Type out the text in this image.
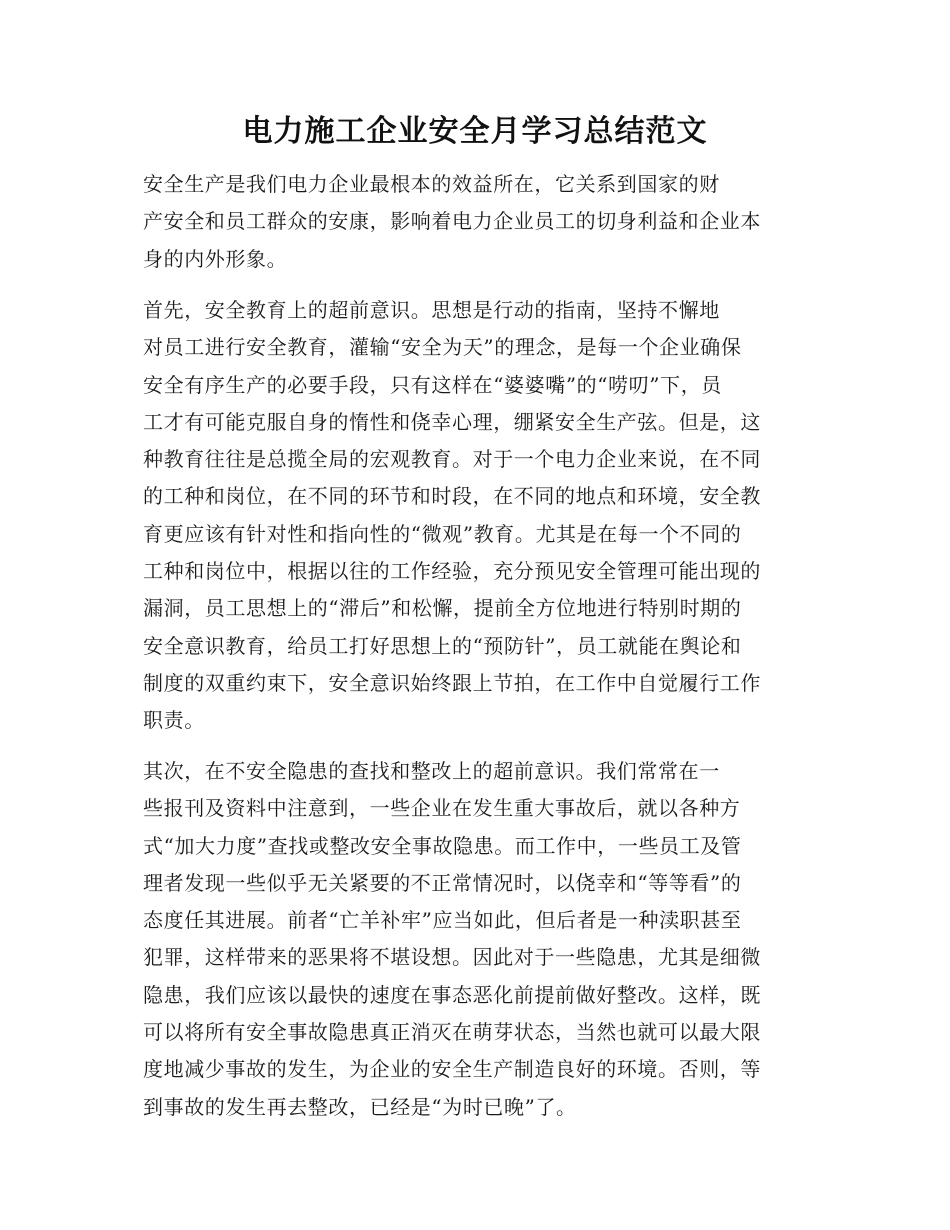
电力施工企业安全月学习总结范文

安全生产是我们电力企业最根本的效益所在，它关系到国家的财
产安全和员工群众的安康，影响着电力企业员工的切身利益和企业本
身的内外形象。

首先，安全教育上的超前意识。思想是行动的指南，坚持不懈地
对员工进行安全教育，灌输“安全为天”的理念，是每一个企业确保
安全有序生产的必要手段，只有这样在“婆婆嘴”的“唠叨”下，员
工才有可能克服自身的惰性和侥幸心理，绷紧安全生产弦。但是，这
种教育往往是总揽全局的宏观教育。对于一个电力企业来说，在不同
的工种和岗位，在不同的环节和时段，在不同的地点和环境，安全教
育更应该有针对性和指向性的“微观”教育。尤其是在每一个不同的
工种和岗位中，根据以往的工作经验，充分预见安全管理可能出现的
漏洞，员工思想上的“滞后”和松懈，提前全方位地进行特别时期的
安全意识教育，给员工打好思想上的“预防针”，员工就能在舆论和
制度的双重约束下，安全意识始终跟上节拍，在工作中自觉履行工作
职责。

其次，在不安全隐患的查找和整改上的超前意识。我们常常在一
些报刊及资料中注意到，一些企业在发生重大事故后，就以各种方
式“加大力度”查找或整改安全事故隐患。而工作中，一些员工及管
理者发现一些似乎无关紧要的不正常情况时，以侥幸和“等等看”的
态度任其进展。前者“亡羊补牢”应当如此，但后者是一种渎职甚至
犯罪，这样带来的恶果将不堪设想。因此对于一些隐患，尤其是细微
隐患，我们应该以最快的速度在事态恶化前提前做好整改。这样，既
可以将所有安全事故隐患真正消灭在萌芽状态，当然也就可以最大限
度地减少事故的发生，为企业的安全生产制造良好的环境。否则，等
到事故的发生再去整改，已经是“为时已晚”了。
